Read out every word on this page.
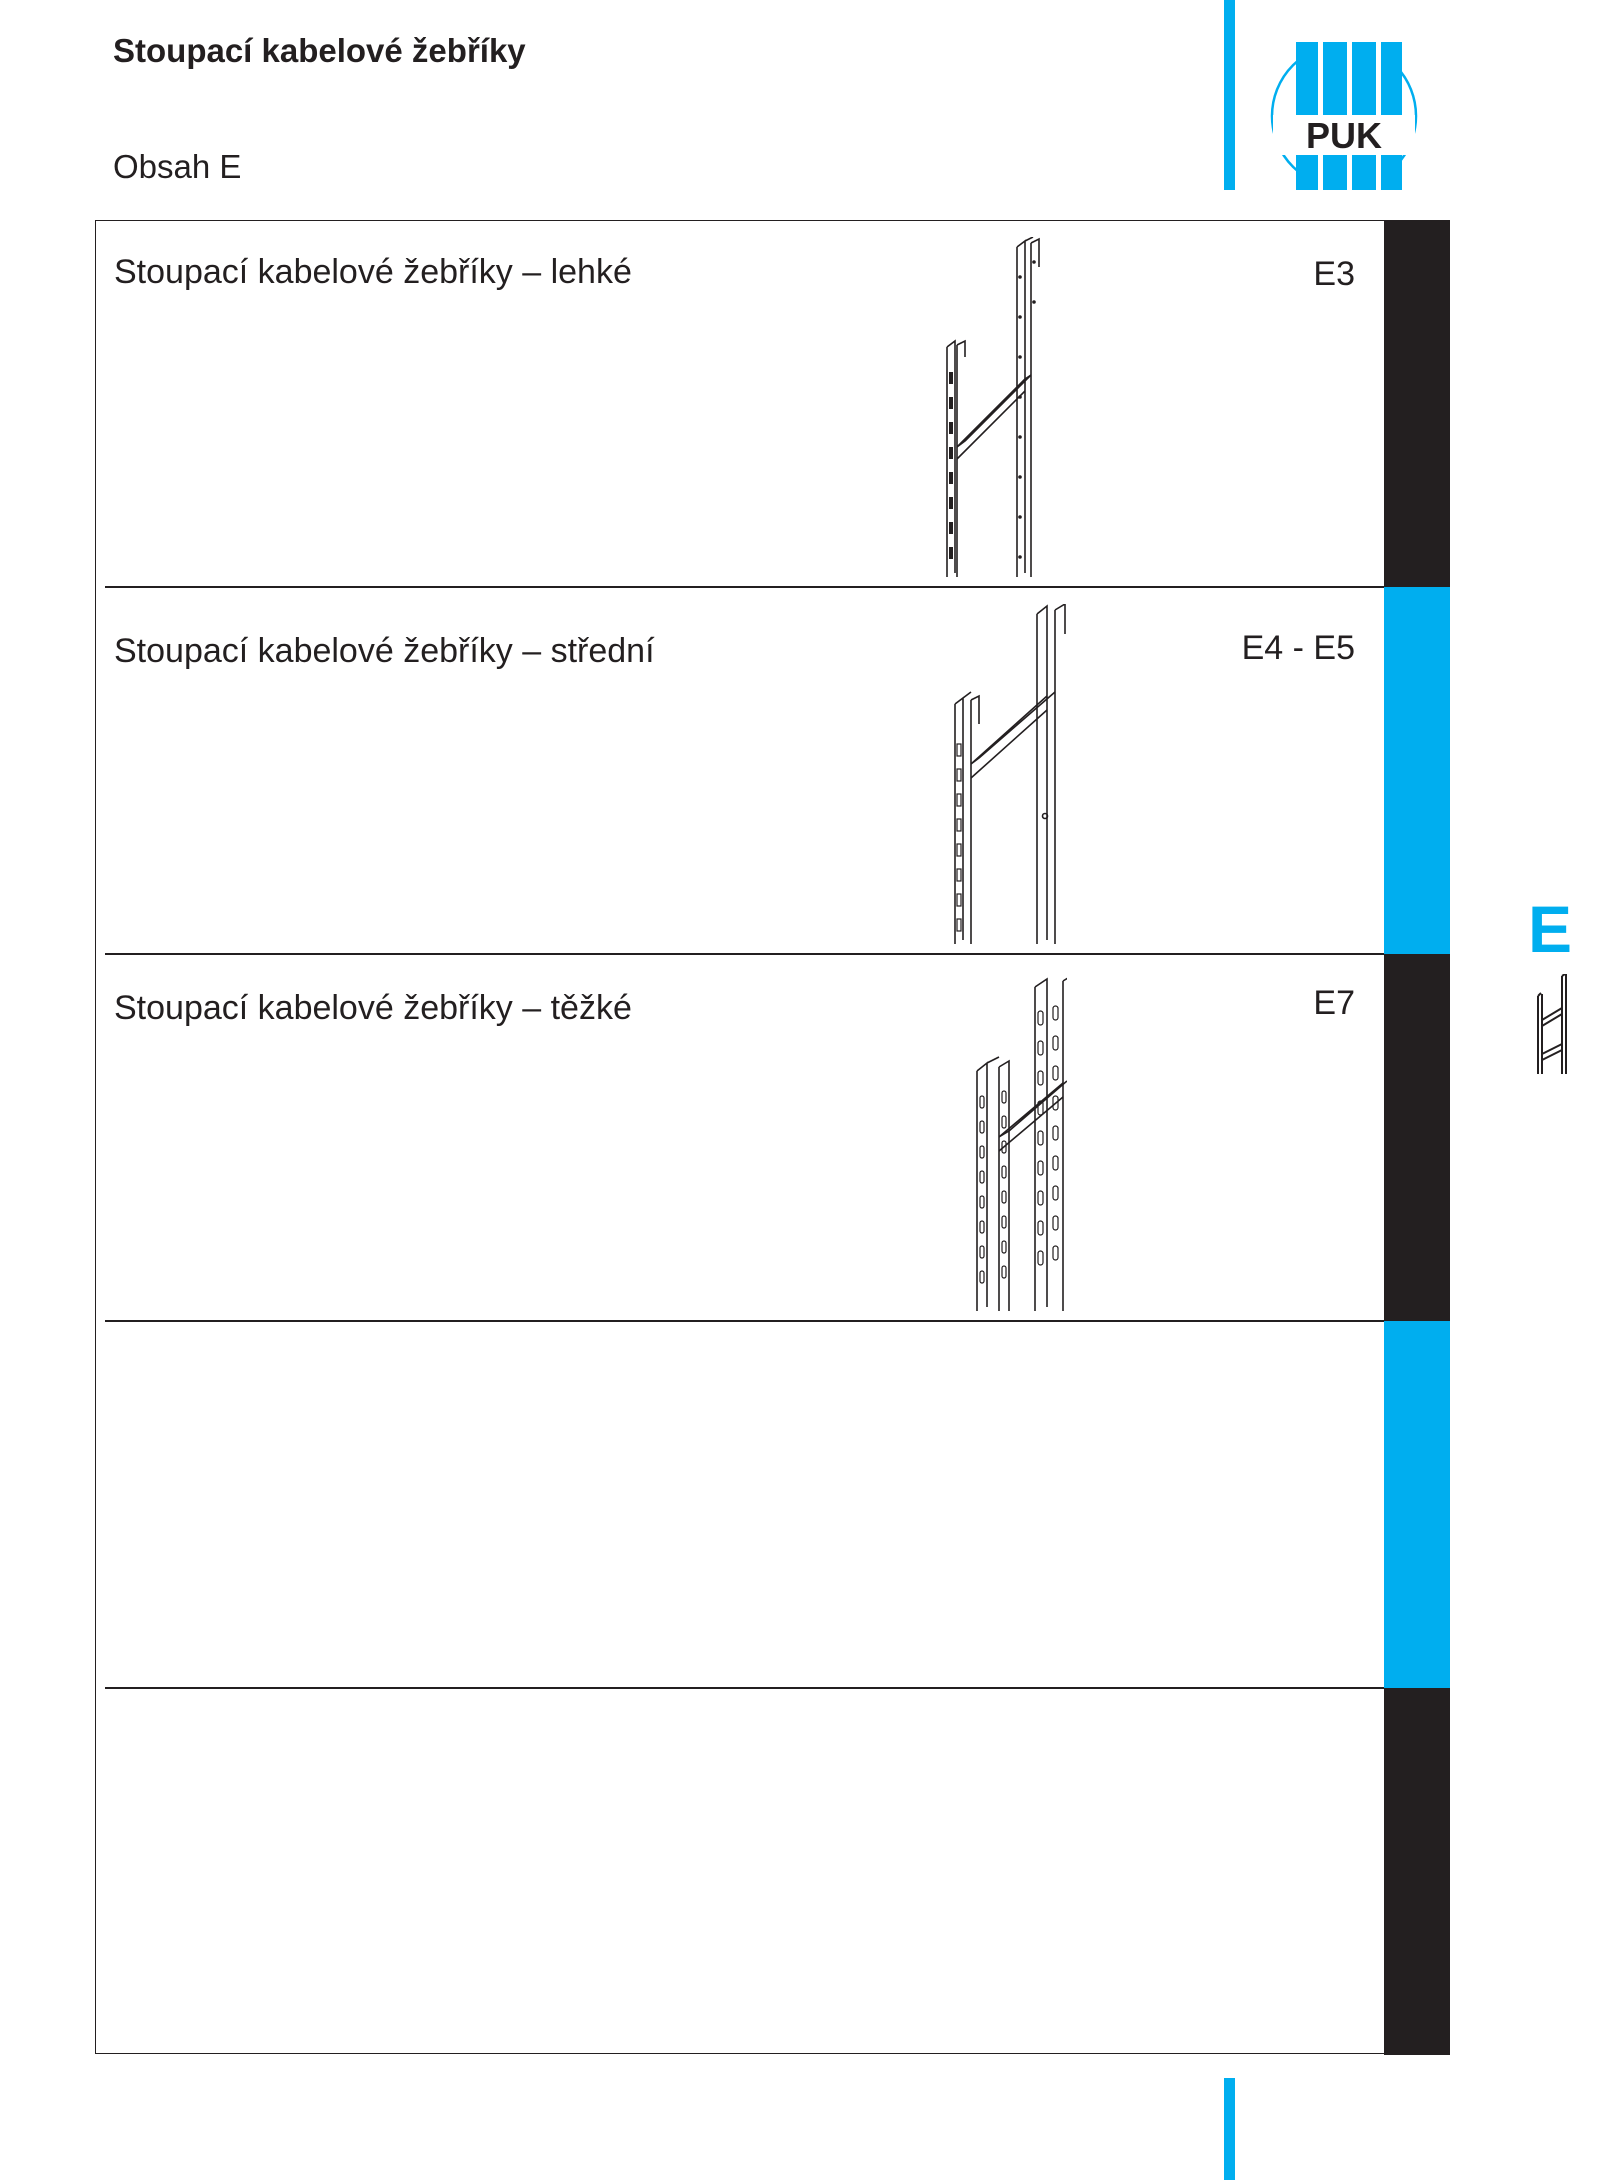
Stoupací kabelové žebříky
Obsah E
PUK
Stoupací kabelové žebříky – lehké	E3
Stoupací kabelové žebříky – střední	E4 - E5
Stoupací kabelové žebříky – těžké	E7
E
